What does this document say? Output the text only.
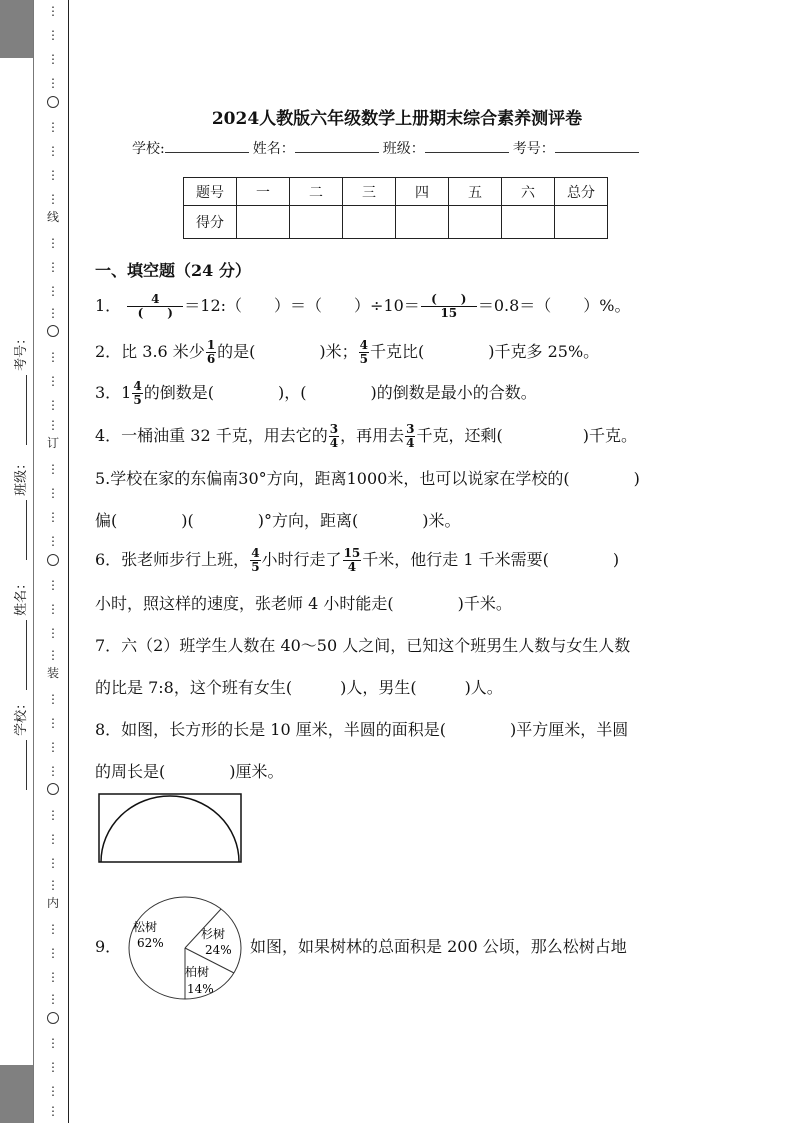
⋮
⋮
⋮
⋮
⋮
⋮
⋮
⋮
线
⋮
⋮
⋮
⋮
⋮
⋮
⋮
⋮
订
⋮
⋮
⋮
⋮
⋮
⋮
⋮
⋮
装
⋮
⋮
⋮
⋮
⋮
⋮
⋮
⋮
内
⋮
⋮
⋮
⋮
⋮
⋮
⋮
⋮
考号：
班级：
姓名：
学校：
2024人教版六年级数学上册期末综合素养测评卷
学校:	姓名：	班级：	考号：
题号	一	二	三	四	五	六	总分
得分							
一、填空题（24 分）
1． $\frac{4}{( )}$ ＝12:（　　）＝（　　）$\div 10= \frac{( )}{15} =0.8=$（　　）%。
2．比 3.6 米少 $\frac{1}{6}$ 的是(　　　　)米； $\frac{4}{5}$ 千克比(　　　　)千克多 25%。
3．$1 \frac{4}{5}$ 的倒数是(　　　　)，(　　　　)的倒数是最小的合数。
4．一桶油重 32 千克，用去它的 $\frac{3}{4}$ ，再用去 $\frac{3}{4}$ 千克，还剩(　　　　　)千克。
5.学校在家的东偏南30°方向，距离1000米，也可以说家在学校的(　　　　)
偏(　　　　)(　　　　)°方向，距离(　　　　)米。
6．张老师步行上班， $\frac{4}{5}$ 小时行走了 $\frac{15}{4}$ 千米，他行走 1 千米需要(　　　　)
小时，照这样的速度，张老师 4 小时能走(　　　　)千米。
7．六（2）班学生人数在 40～50 人之间，已知这个班男生人数与女生人数
的比是 7:8，这个班有女生(　　　)人，男生(　　　)人。
8．如图，长方形的长是 10 厘米，半圆的面积是(　　　　)平方厘米，半圆
的周长是(　　　　)厘米。
9．	如图，如果树林的总面积是 200 公顷，那么松树占地
松树
62%
杉树
24%
柏树
14%
